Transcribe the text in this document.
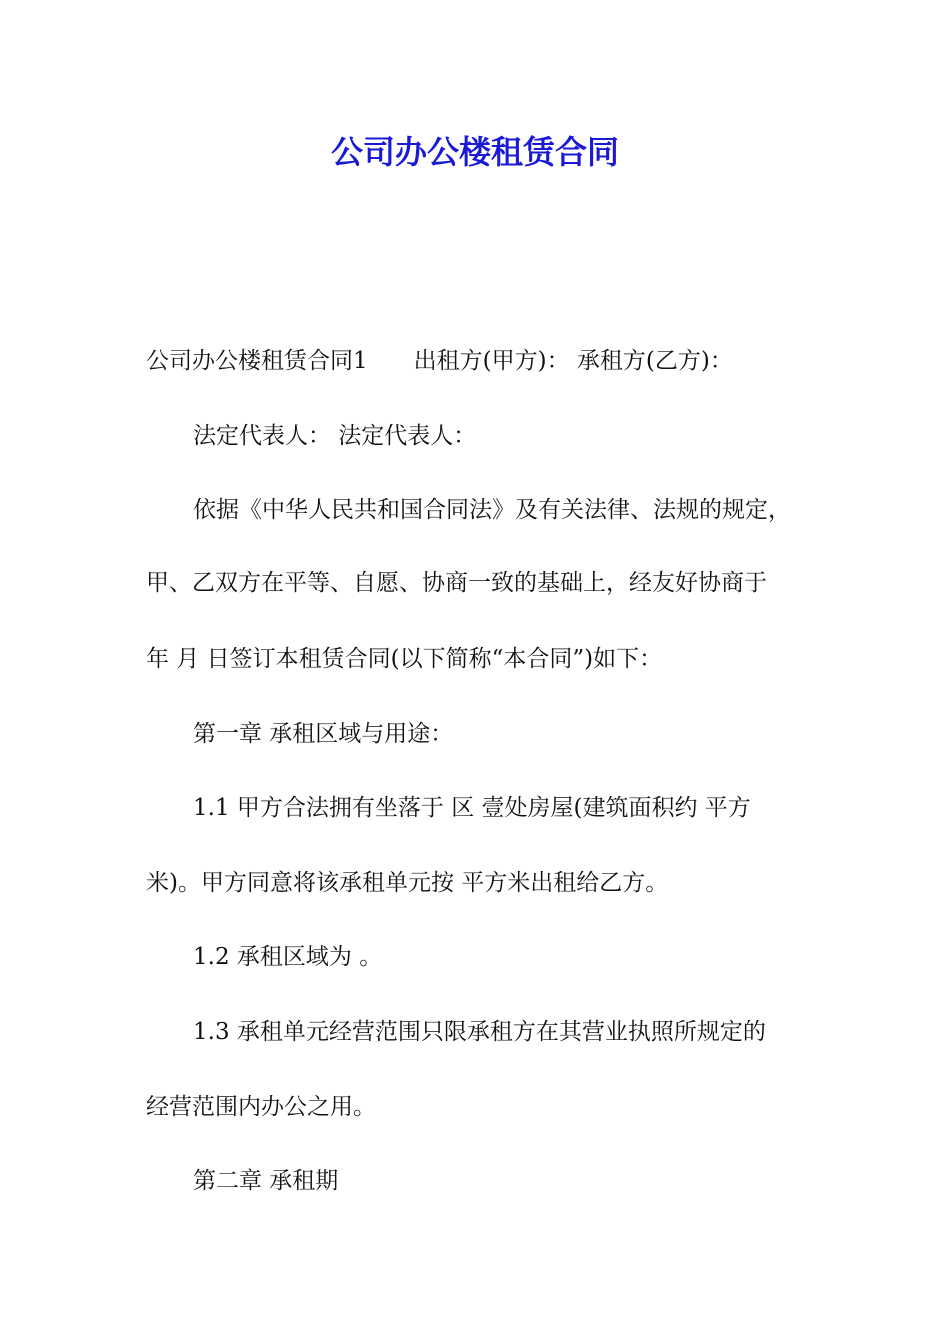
公司办公楼租赁合同

公司办公楼租赁合同1 出租方(甲方)： 承租方(乙方)：

法定代表人： 法定代表人：

依据《中华人民共和国合同法》及有关法律、法规的规定，

甲、乙双方在平等、自愿、协商一致的基础上，经友好协商于

年 月 日签订本租赁合同(以下简称“本合同”)如下：

第一章 承租区域与用途：

1.1 甲方合法拥有坐落于 区 壹处房屋(建筑面积约 平方

米)。甲方同意将该承租单元按 平方米出租给乙方。

1.2 承租区域为 。

1.3 承租单元经营范围只限承租方在其营业执照所规定的

经营范围内办公之用。

第二章 承租期
